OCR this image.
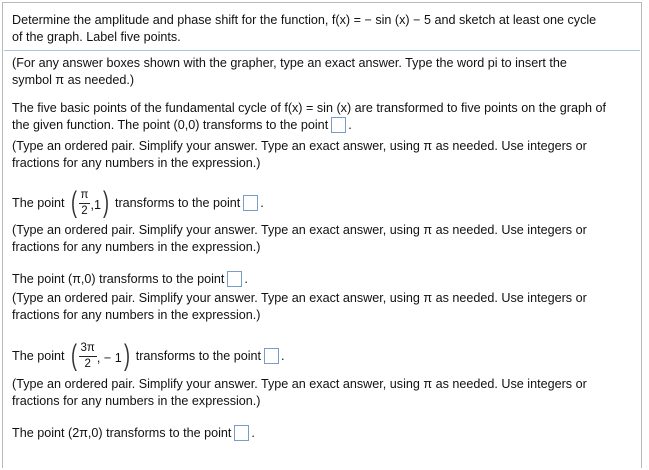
Determine the amplitude and phase shift for the function, f(x) = − sin (x) − 5 and sketch at least one cycle
of the graph. Label five points.
(For any answer boxes shown with the grapher, type an exact answer. Type the word pi to insert the
symbol π as needed.)
The five basic points of the fundamental cycle of f(x) = sin (x) are transformed to five points on the graph of
the given function. The point (0,0) transforms to the point .
(Type an ordered pair. Simplify your answer. Type an exact answer, using π as needed. Use integers or
fractions for any numbers in the expression.)
The point ( $\frac{\pi}{2} ,1$ ) transforms to the point .
(Type an ordered pair. Simplify your answer. Type an exact answer, using π as needed. Use integers or
fractions for any numbers in the expression.)
The point (π,0) transforms to the point .
(Type an ordered pair. Simplify your answer. Type an exact answer, using π as needed. Use integers or
fractions for any numbers in the expression.)
The point ( $\frac{3\pi}{2}$ , − 1 ) transforms to the point .
(Type an ordered pair. Simplify your answer. Type an exact answer, using π as needed. Use integers or
fractions for any numbers in the expression.)
The point (2π,0) transforms to the point .
